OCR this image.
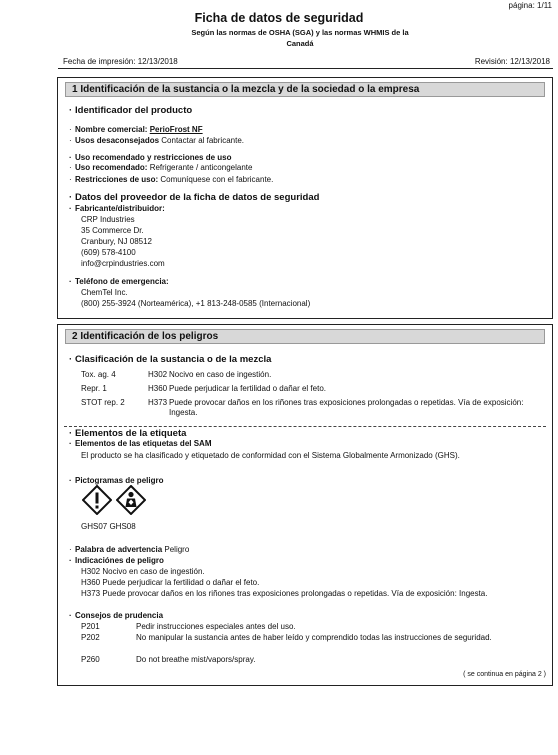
página: 1/11
Ficha de datos de seguridad
Según las normas de OSHA (SGA) y las normas WHMIS de la
Canadá
Fecha de impresión: 12/13/2018	Revisión: 12/13/2018
1 Identificación de la sustancia o la mezcla y de la sociedad o la empresa
· Identificador del producto
· Nombre comercial: PerioFrost NF
· Usos desaconsejados Contactar al fabricante.
· Uso recomendado y restricciones de uso
· Uso recomendado: Refrigerante / anticongelante
· Restricciones de uso: Comuníquese con el fabricante.
· Datos del proveedor de la ficha de datos de seguridad
· Fabricante/distribuidor:
CRP Industries
35 Commerce Dr.
Cranbury, NJ 08512
(609) 578-4100
info@crpindustries.com
· Teléfono de emergencia:
ChemTel Inc.
(800) 255-3924 (Norteamérica), +1 813-248-0585 (Internacional)
2 Identificación de los peligros
· Clasificación de la sustancia o de la mezcla
Tox. ag. 4	H302 Nocivo en caso de ingestión.
Repr. 1	H360 Puede perjudicar la fertilidad o dañar el feto.
STOT rep. 2	H373 Puede provocar daños en los riñones tras exposiciones prolongadas o repetidas. Vía de exposición: Ingesta.
· Elementos de la etiqueta
· Elementos de las etiquetas del SAM
El producto se ha clasificado y etiquetado de conformidad con el Sistema Globalmente Armonizado (GHS).
· Pictogramas de peligro
GHS07 GHS08
· Palabra de advertencia Peligro
· Indicaciónes de peligro
H302 Nocivo en caso de ingestión.
H360 Puede perjudicar la fertilidad o dañar el feto.
H373 Puede provocar daños en los riñones tras exposiciones prolongadas o repetidas. Vía de exposición: Ingesta.
· Consejos de prudencia
P201	Pedir instrucciones especiales antes del uso.
P202	No manipular la sustancia antes de haber leído y comprendido todas las instrucciones de seguridad.
P260	Do not breathe mist/vapors/spray.
( se continua en página 2 )
